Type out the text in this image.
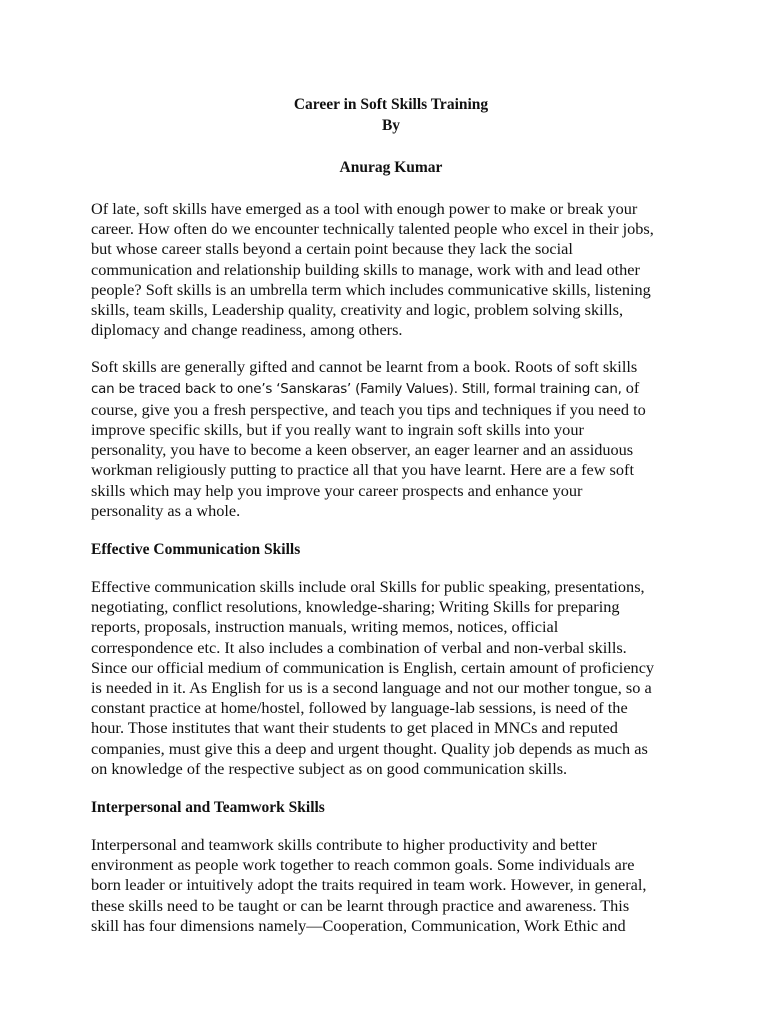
Career in Soft Skills Training
By
Anurag Kumar

Of late, soft skills have emerged as a tool with enough power to make or break your
career. How often do we encounter technically talented people who excel in their jobs,
but whose career stalls beyond a certain point because they lack the social
communication and relationship building skills to manage, work with and lead other
people? Soft skills is an umbrella term which includes communicative skills, listening
skills, team skills, Leadership quality, creativity and logic, problem solving skills,
diplomacy and change readiness, among others.

Soft skills are generally gifted and cannot be learnt from a book. Roots of soft skills
can be traced back to one’s ‘Sanskaras’ (Family Values). Still, formal training can, of
course, give you a fresh perspective, and teach you tips and techniques if you need to
improve specific skills, but if you really want to ingrain soft skills into your
personality, you have to become a keen observer, an eager learner and an assiduous
workman religiously putting to practice all that you have learnt. Here are a few soft
skills which may help you improve your career prospects and enhance your
personality as a whole.

Effective Communication Skills

Effective communication skills include oral Skills for public speaking, presentations,
negotiating, conflict resolutions, knowledge-sharing; Writing Skills for preparing
reports, proposals, instruction manuals, writing memos, notices, official
correspondence etc. It also includes a combination of verbal and non-verbal skills.
Since our official medium of communication is English, certain amount of proficiency
is needed in it. As English for us is a second language and not our mother tongue, so a
constant practice at home/hostel, followed by language-lab sessions, is need of the
hour. Those institutes that want their students to get placed in MNCs and reputed
companies, must give this a deep and urgent thought. Quality job depends as much as
on knowledge of the respective subject as on good communication skills.

Interpersonal and Teamwork Skills

Interpersonal and teamwork skills contribute to higher productivity and better
environment as people work together to reach common goals. Some individuals are
born leader or intuitively adopt the traits required in team work. However, in general,
these skills need to be taught or can be learnt through practice and awareness. This
skill has four dimensions namely—Cooperation, Communication, Work Ethic and
